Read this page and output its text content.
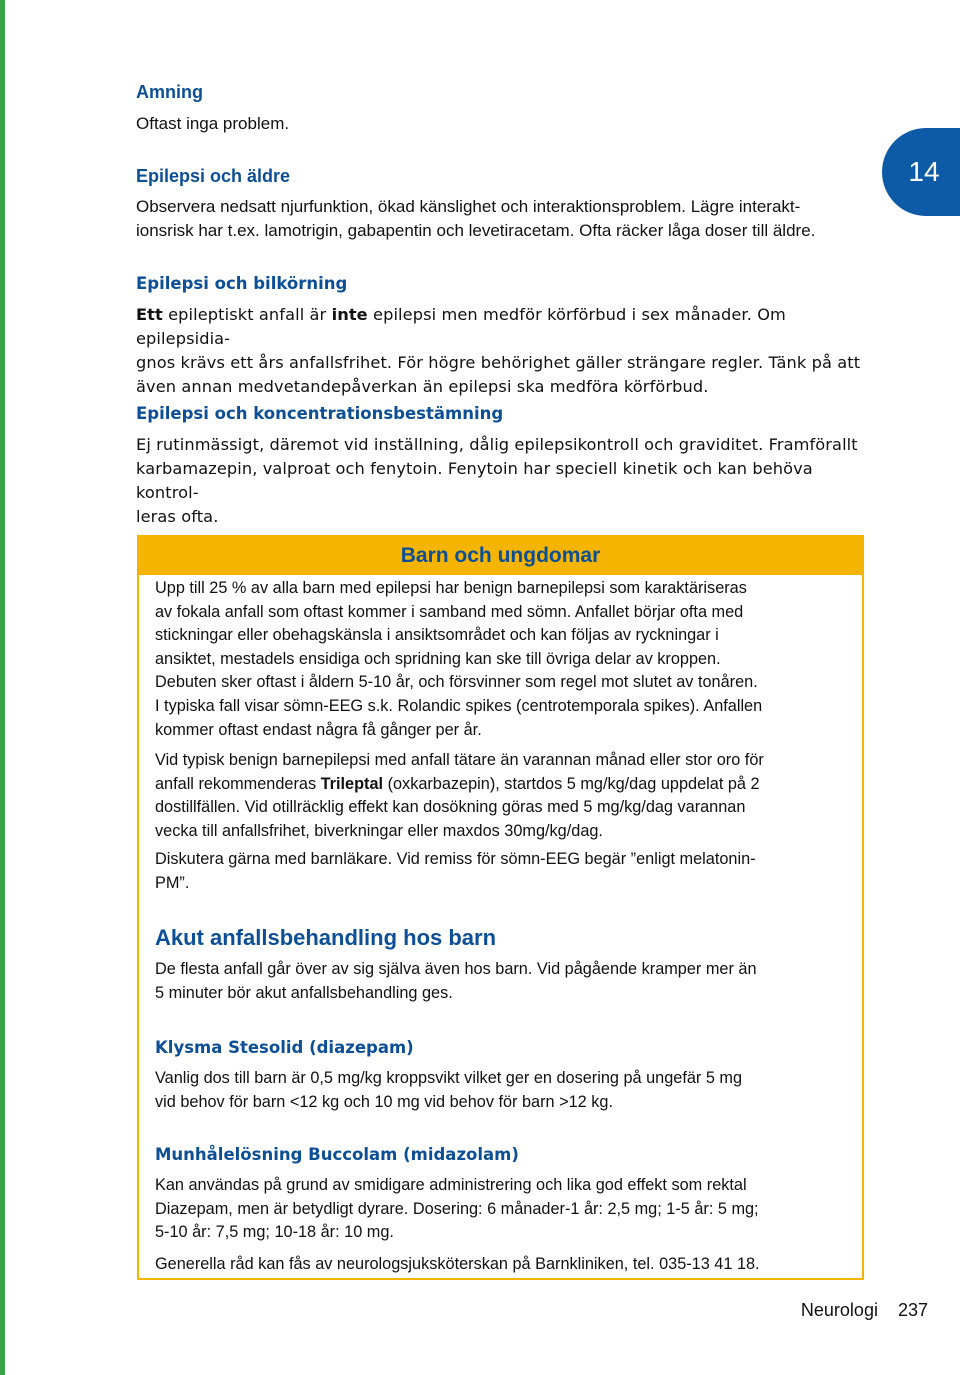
14

Amning

Oftast inga problem.

Epilepsi och äldre

Observera nedsatt njurfunktion, ökad känslighet och interaktionsproblem. Lägre interakt-

ionsrisk har t.ex. lamotrigin, gabapentin och levetiracetam. Ofta räcker låga doser till äldre.

Epilepsi och bilkörning

Ett epileptiskt anfall är inte epilepsi men medför körförbud i sex månader. Om epilepsidia-

gnos krävs ett års anfallsfrihet. För högre behörighet gäller strängare regler. Tänk på att

även annan medvetandepåverkan än epilepsi ska medföra körförbud.

Epilepsi och koncentrationsbestämning

Ej rutinmässigt, däremot vid inställning, dålig epilepsikontroll och graviditet. Framförallt

karbamazepin, valproat och fenytoin. Fenytoin har speciell kinetik och kan behöva kontrol-

leras ofta.

Barn och ungdomar

Upp till 25 % av alla barn med epilepsi har benign barnepilepsi som karaktäriseras

av fokala anfall som oftast kommer i samband med sömn. Anfallet börjar ofta med

stickningar eller obehagskänsla i ansiktsområdet och kan följas av ryckningar i

ansiktet, mestadels ensidiga och spridning kan ske till övriga delar av kroppen.

Debuten sker oftast i åldern 5-10 år, och försvinner som regel mot slutet av tonåren.

I typiska fall visar sömn-EEG s.k. Rolandic spikes (centrotemporala spikes). Anfallen

kommer oftast endast några få gånger per år.

Vid typisk benign barnepilepsi med anfall tätare än varannan månad eller stor oro för

anfall rekommenderas Trileptal (oxkarbazepin), startdos 5 mg/kg/dag uppdelat på 2

dostillfällen. Vid otillräcklig effekt kan dosökning göras med 5 mg/kg/dag varannan

vecka till anfallsfrihet, biverkningar eller maxdos 30mg/kg/dag.

Diskutera gärna med barnläkare. Vid remiss för sömn-EEG begär ”enligt melatonin-

PM”.

Akut anfallsbehandling hos barn

De flesta anfall går över av sig själva även hos barn. Vid pågående kramper mer än

5 minuter bör akut anfallsbehandling ges.

Klysma Stesolid (diazepam)

Vanlig dos till barn är 0,5 mg/kg kroppsvikt vilket ger en dosering på ungefär 5 mg

vid behov för barn <12 kg och 10 mg vid behov för barn >12 kg.

Munhålelösning Buccolam (midazolam)

Kan användas på grund av smidigare administrering och lika god effekt som rektal

Diazepam, men är betydligt dyrare. Dosering: 6 månader-1 år: 2,5 mg; 1-5 år: 5 mg;

5-10 år: 7,5 mg; 10-18 år: 10 mg.

Generella råd kan fås av neurologsjuksköterskan på Barnkliniken, tel. 035-13 41 18.

Neurologi 237
